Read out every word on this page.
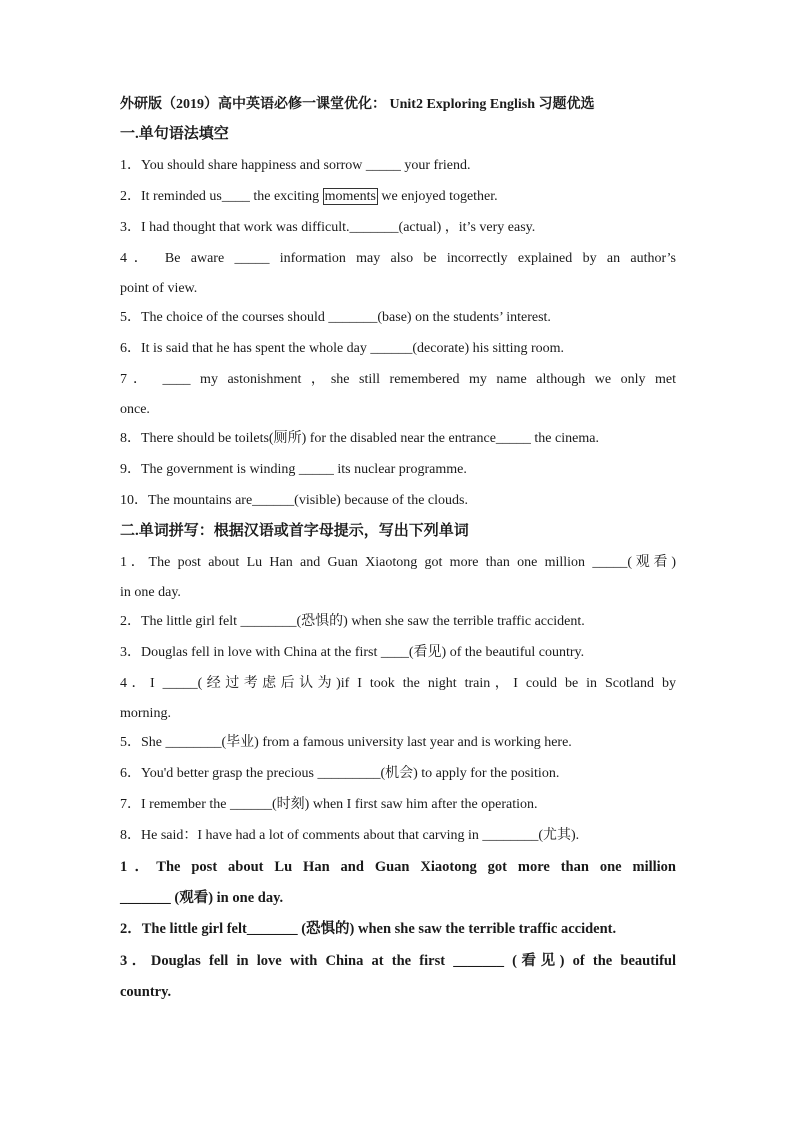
外研版（2019）高中英语必修一课堂优化： Unit2 Exploring English 习题优选
一.单句语法填空
1．You should share happiness and sorrow _____ your friend.
2．It reminded us____ the exciting moments we enjoyed together.
3．I had thought that work was difficult._______(actual) ，it’s very easy.
4． Be aware _____ information may also be incorrectly explained by an author’s
point of view.
5．The choice of the courses should _______(base) on the students’ interest.
6．It is said that he has spent the whole day ______(decorate) his sitting room.
7． ____ my astonishment ，she still remembered my name although we only met
once.
8．There should be toilets(厕所) for the disabled near the entrance_____ the cinema.
9．The government is winding _____ its nuclear programme.
10．The mountains are______(visible) because of the clouds.
二.单词拼写：根据汉语或首字母提示，写出下列单词
1．The post about Lu Han and Guan Xiaotong got more than one million _____(观看)
in one day.
2．The little girl felt ________(恐惧的) when she saw the terrible traffic accident.
3．Douglas fell in love with China at the first ____(看见) of the beautiful country.
4．I _____(经过考虑后认为)if I took the night train，I could be in Scotland by
morning.
5．She ________(毕业) from a famous university last year and is working here.
6．You'd better grasp the precious _________(机会) to apply for the position.
7．I remember the ______(时刻) when I first saw him after the operation.
8．He said：I have had a lot of comments about that carving in ________(尤其).
1．The post about Lu Han and Guan Xiaotong got more than one million
_______ (观看) in one day.
2．The little girl felt_______ (恐惧的) when she saw the terrible traffic accident.
3．Douglas fell in love with China at the first _______ (看见) of the beautiful
country.
